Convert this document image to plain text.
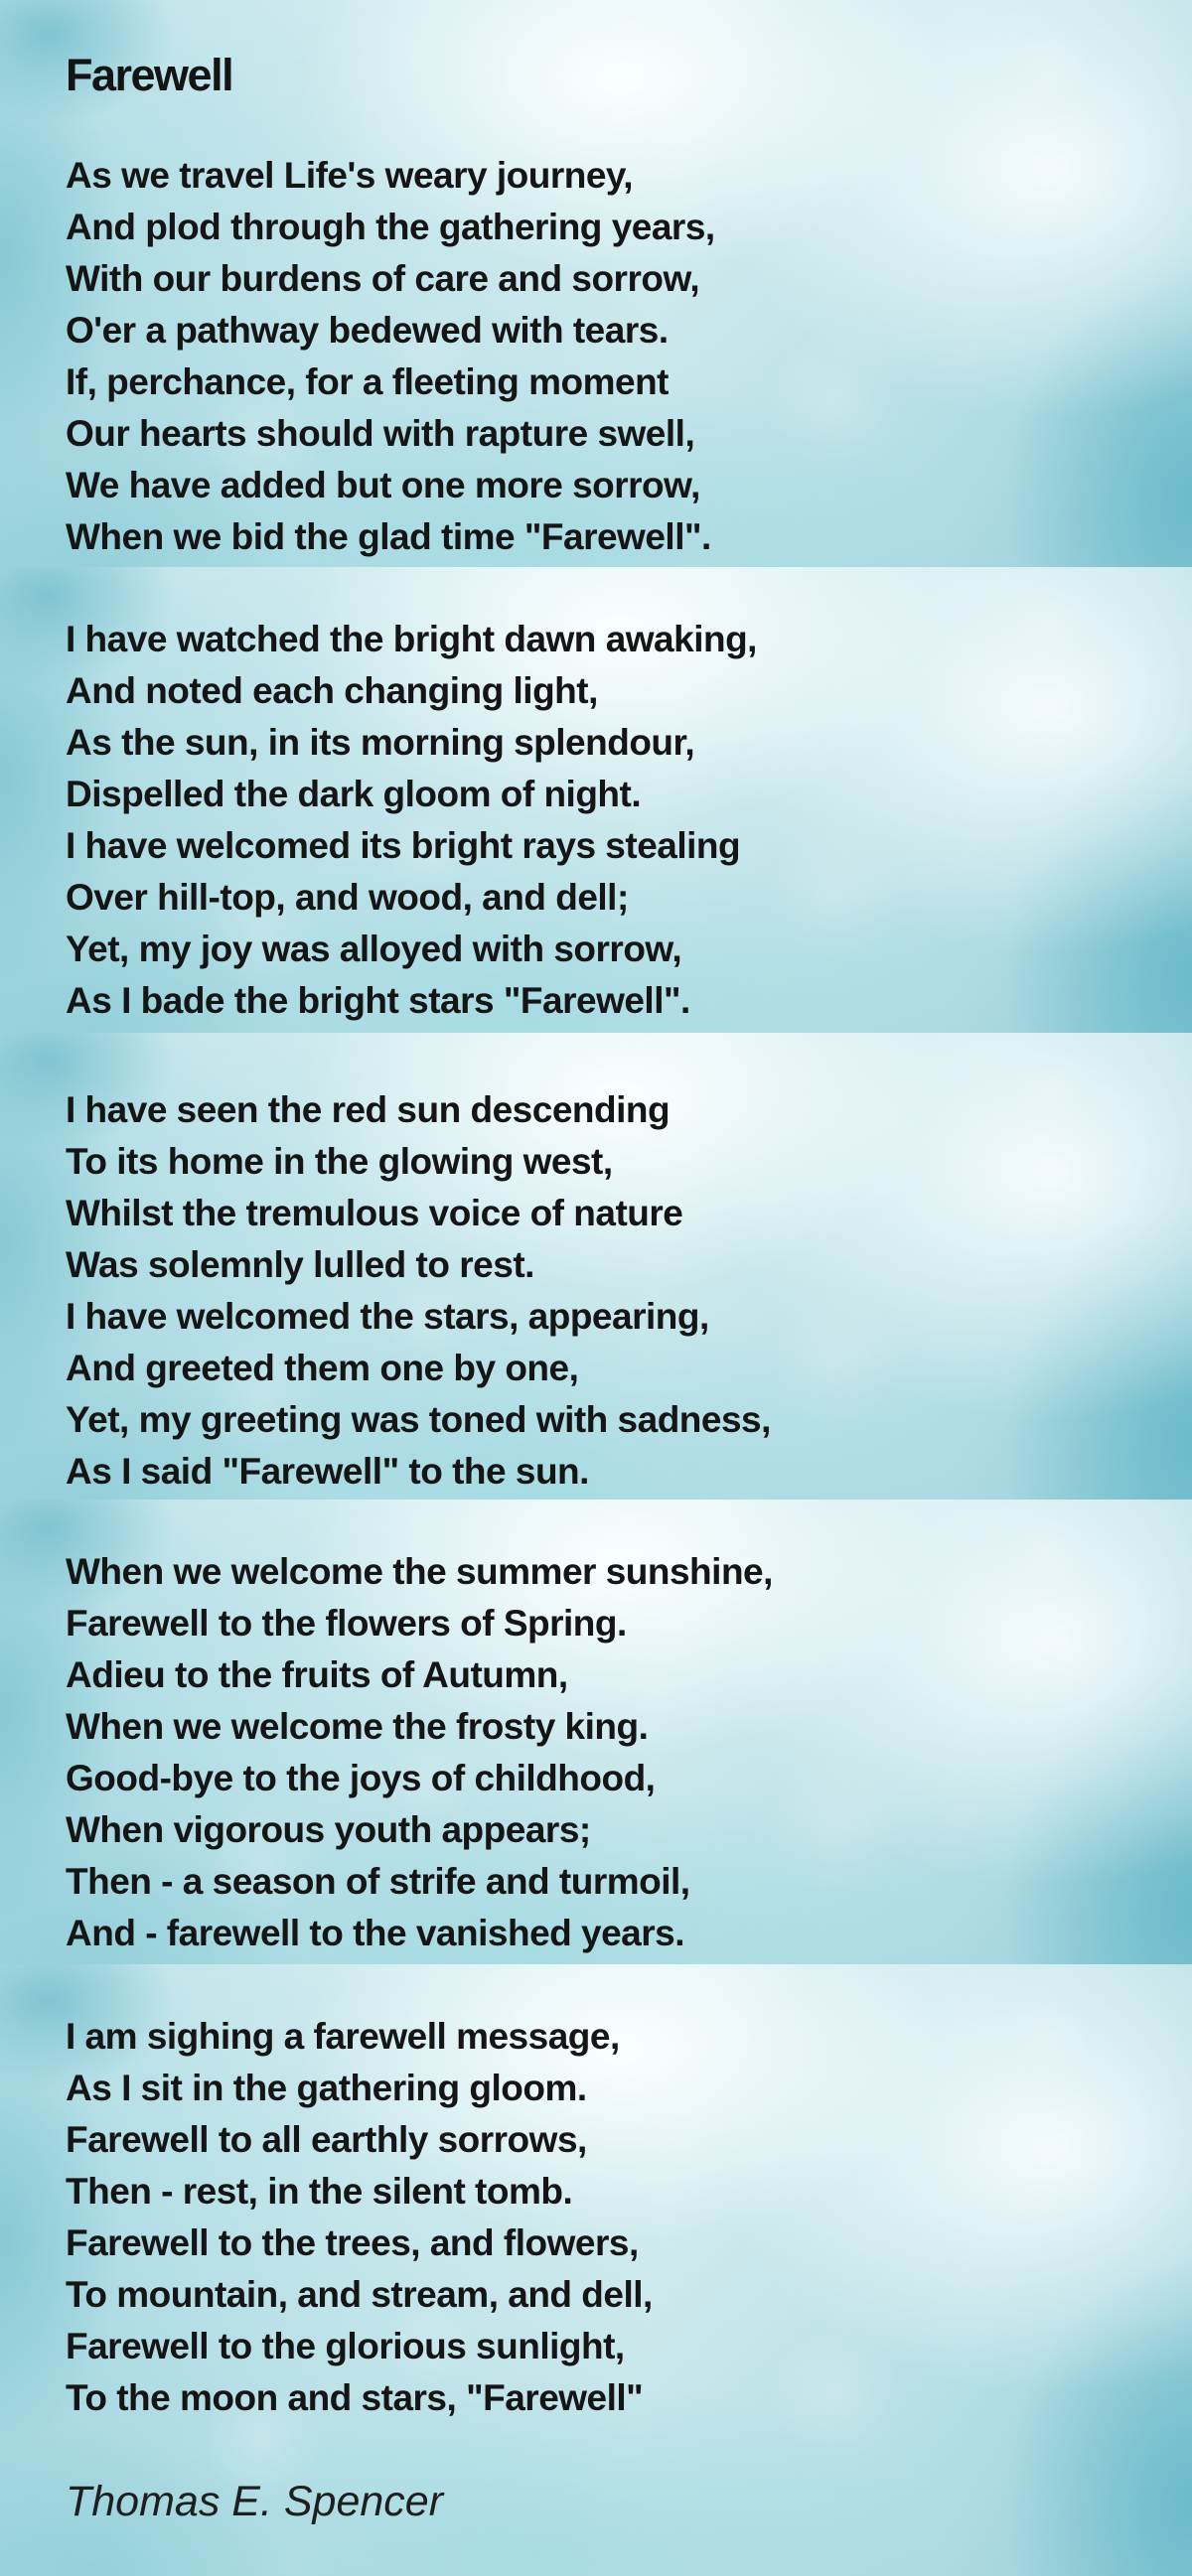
Farewell

As we travel Life's weary journey,

And plod through the gathering years,

With our burdens of care and sorrow,

O'er a pathway bedewed with tears.

If, perchance, for a fleeting moment

Our hearts should with rapture swell,

We have added but one more sorrow,

When we bid the glad time "Farewell".

I have watched the bright dawn awaking,

And noted each changing light,

As the sun, in its morning splendour,

Dispelled the dark gloom of night.

I have welcomed its bright rays stealing

Over hill-top, and wood, and dell;

Yet, my joy was alloyed with sorrow,

As I bade the bright stars "Farewell".

I have seen the red sun descending

To its home in the glowing west,

Whilst the tremulous voice of nature

Was solemnly lulled to rest.

I have welcomed the stars, appearing,

And greeted them one by one,

Yet, my greeting was toned with sadness,

As I said "Farewell" to the sun.

When we welcome the summer sunshine,

Farewell to the flowers of Spring.

Adieu to the fruits of Autumn,

When we welcome the frosty king.

Good-bye to the joys of childhood,

When vigorous youth appears;

Then - a season of strife and turmoil,

And - farewell to the vanished years.

I am sighing a farewell message,

As I sit in the gathering gloom.

Farewell to all earthly sorrows,

Then - rest, in the silent tomb.

Farewell to the trees, and flowers,

To mountain, and stream, and dell,

Farewell to the glorious sunlight,

To the moon and stars, "Farewell"

Thomas E. Spencer
